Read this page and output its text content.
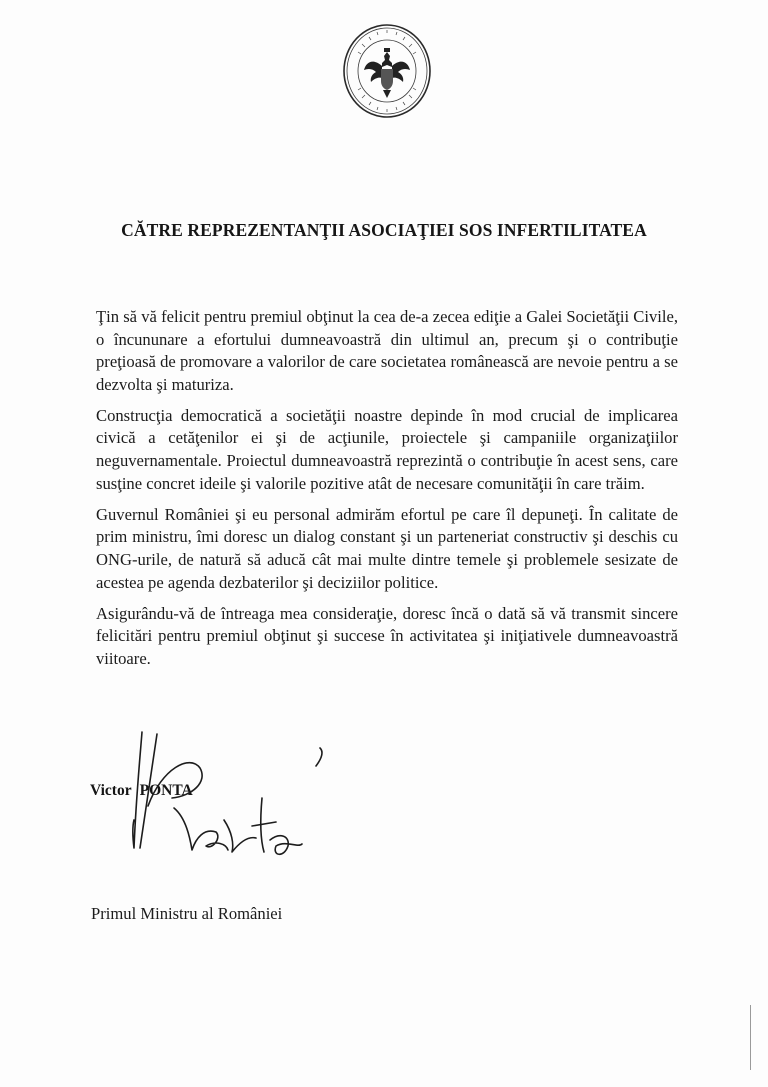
CĂTRE REPREZENTANŢII ASOCIAŢIEI SOS INFERTILITATEA

Ţin să vă felicit pentru premiul obţinut la cea de-a zecea ediţie a Galei Societăţii Civile, o încununare a efortului dumneavoastră din ultimul an, precum şi o contribuţie preţioasă de promovare a valorilor de care societatea românească are nevoie pentru a se dezvolta şi maturiza.

Construcţia democratică a societăţii noastre depinde în mod crucial de implicarea civică a cetăţenilor ei şi de acţiunile, proiectele şi campaniile organizaţiilor neguvernamentale. Proiectul dumneavoastră reprezintă o contribuţie în acest sens, care susţine concret ideile şi valorile pozitive atât de necesare comunităţii în care trăim.

Guvernul României şi eu personal admirăm efortul pe care îl depuneţi. În calitate de prim ministru, îmi doresc un dialog constant şi un parteneriat constructiv şi deschis cu ONG-urile, de natură să aducă cât mai multe dintre temele şi problemele sesizate de acestea pe agenda dezbaterilor şi deciziilor politice.

Asigurându-vă de întreaga mea consideraţie, doresc încă o dată să vă transmit sincere felicitări pentru premiul obţinut şi succese în activitatea şi iniţiativele dumneavoastră viitoare.

Victor PONTA
Primul Ministru al României
